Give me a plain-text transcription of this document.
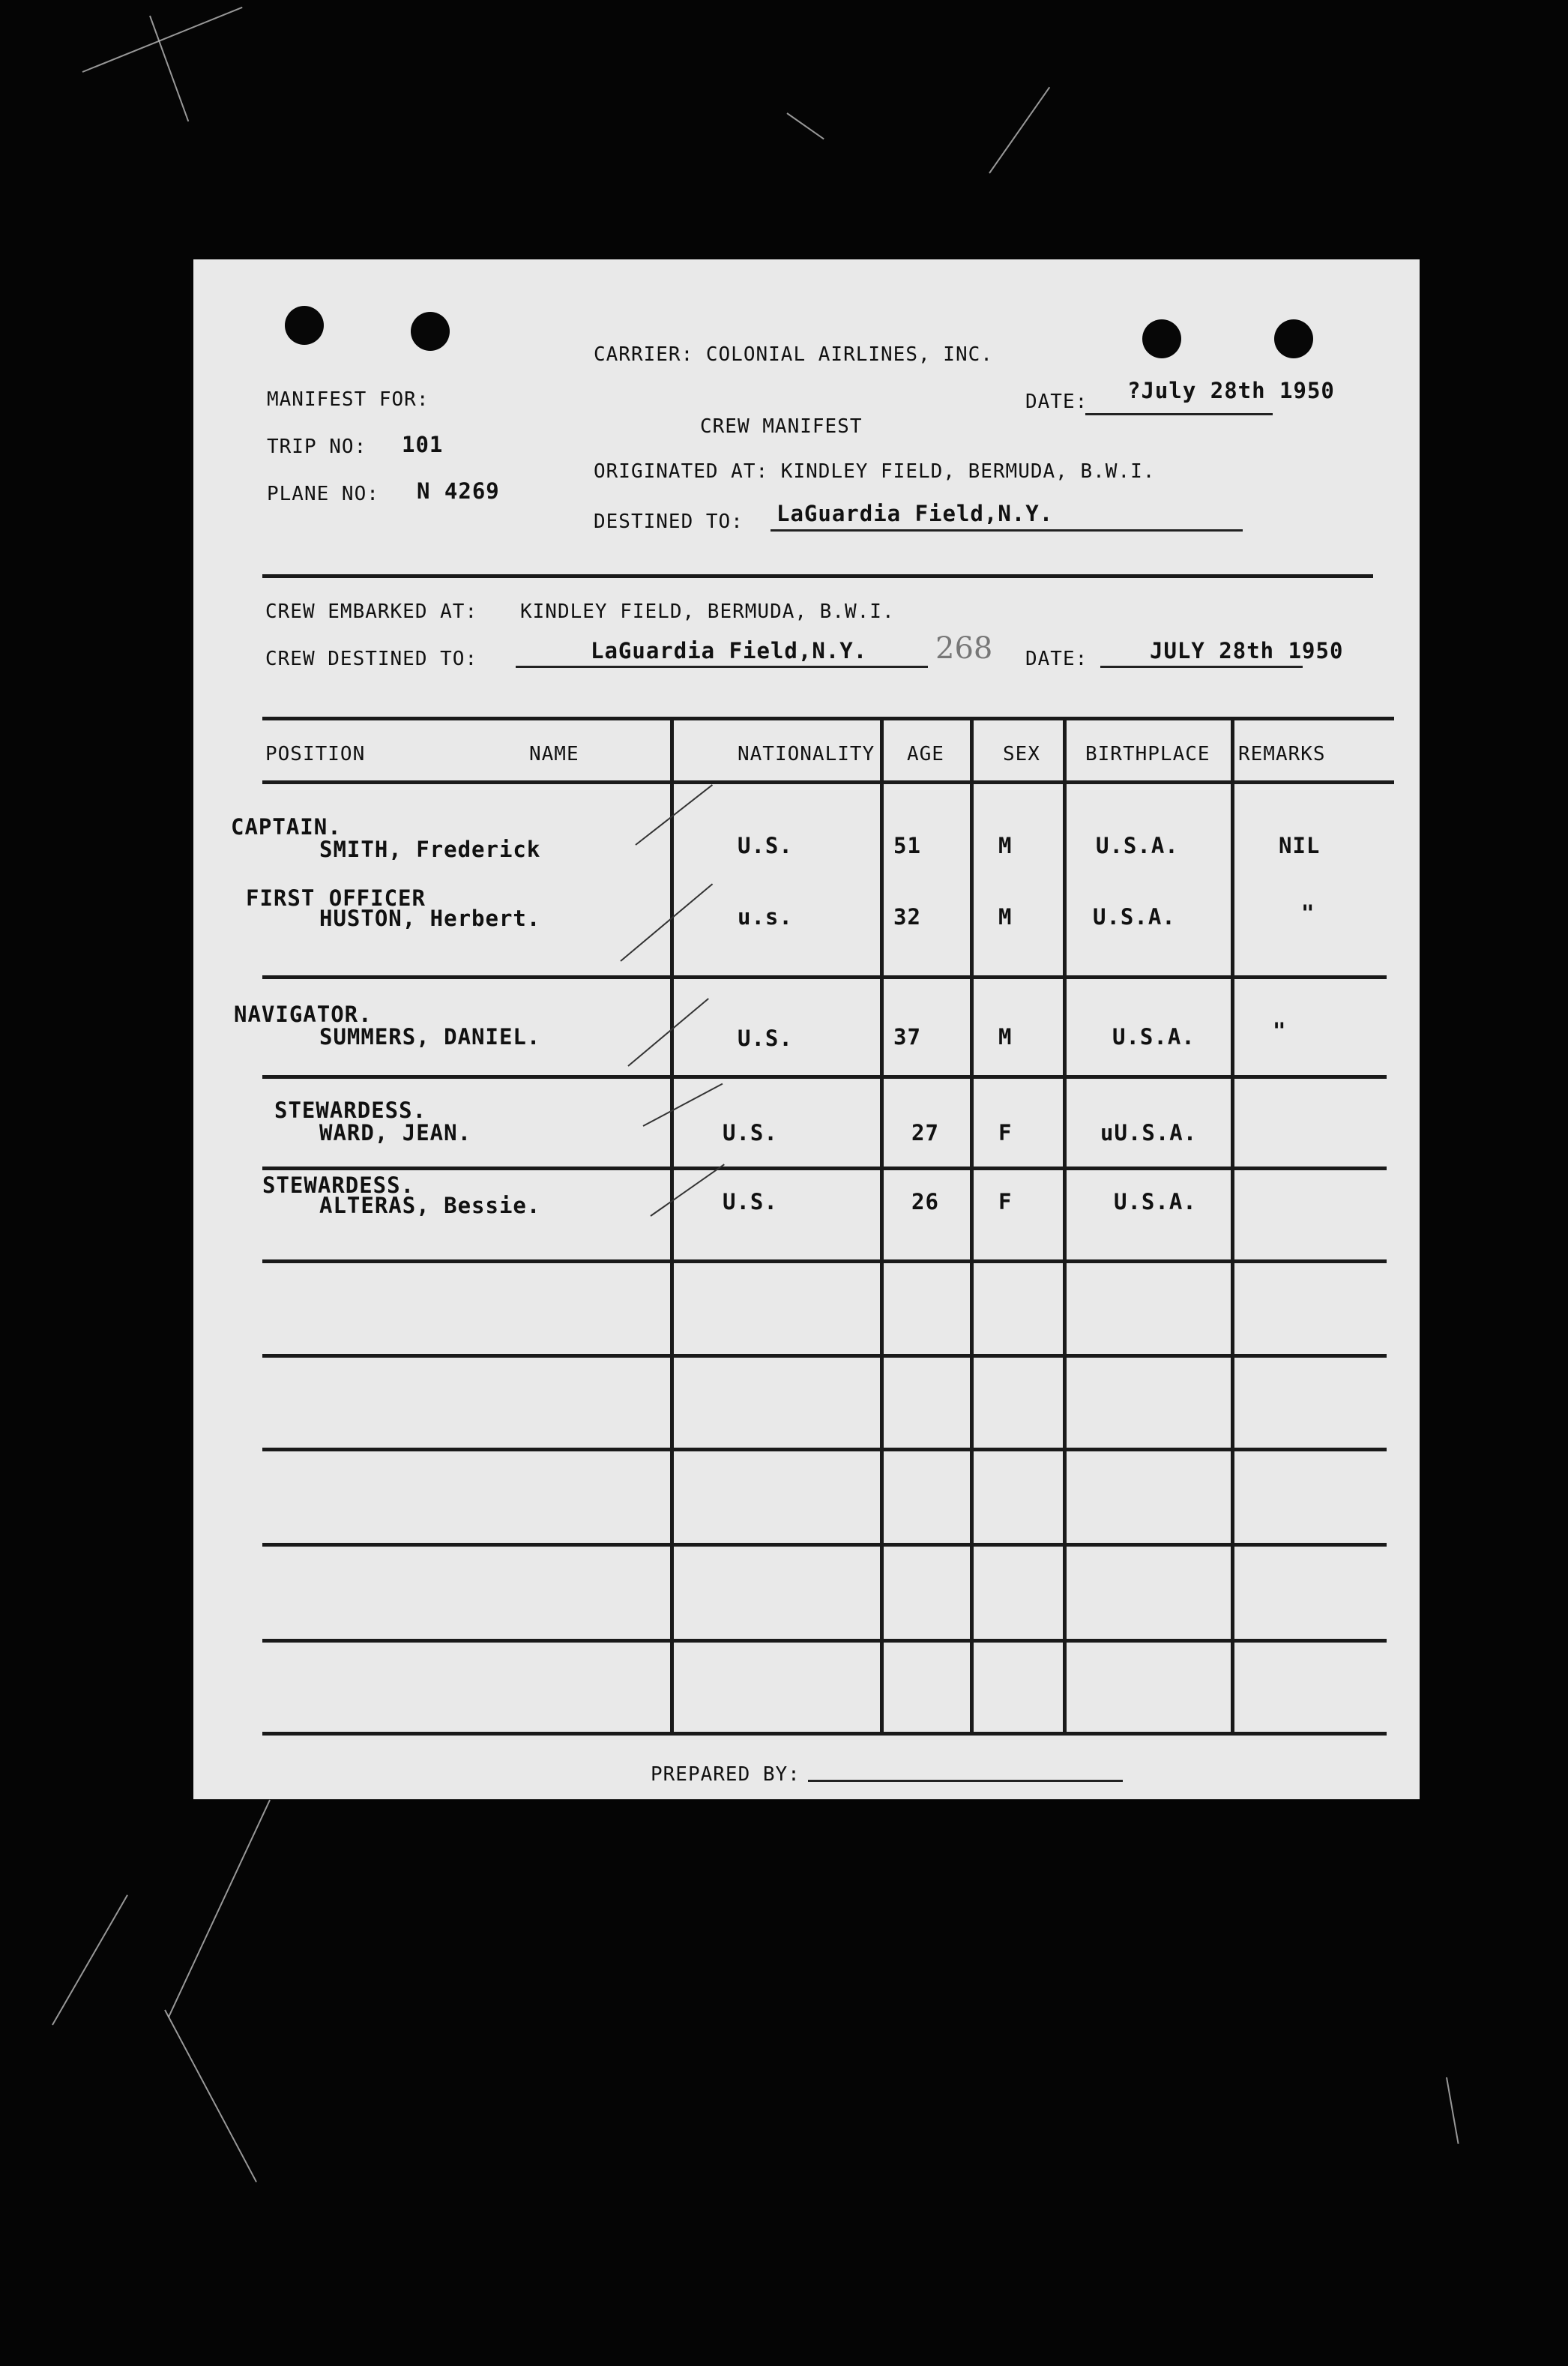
CARRIER: COLONIAL AIRLINES, INC.
MANIFEST FOR:	DATE: ?July 28th 1950
CREW MANIFEST
TRIP NO: 101
ORIGINATED AT: KINDLEY FIELD, BERMUDA, B.W.I.
PLANE NO: N 4269
DESTINED TO: LaGuardia Field,N.Y.
CREW EMBARKED AT: KINDLEY FIELD, BERMUDA, B.W.I.
CREW DESTINED TO:	LaGuardia Field,N.Y. 268 DATE:	JULY 28th 1950
POSITION	NAME	NATIONALITY AGE	SEX BIRTHPLACE REMARKS
CAPTAIN.
SMITH, Frederick	U.S.	51	M	U.S.A.	NIL
FIRST OFFICER
HUSTON, Herbert.	u.s.	32	M	U.S.A.	"
NAVIGATOR.
SUMMERS, DANIEL.	U.S.	37	M	U.S.A.	"
STEWARDESS.
WARD, JEAN.	U.S.	27	F	uU.S.A.
STEWARDESS.
ALTERAS, Bessie.	U.S.	26	F	U.S.A.
PREPARED BY:
